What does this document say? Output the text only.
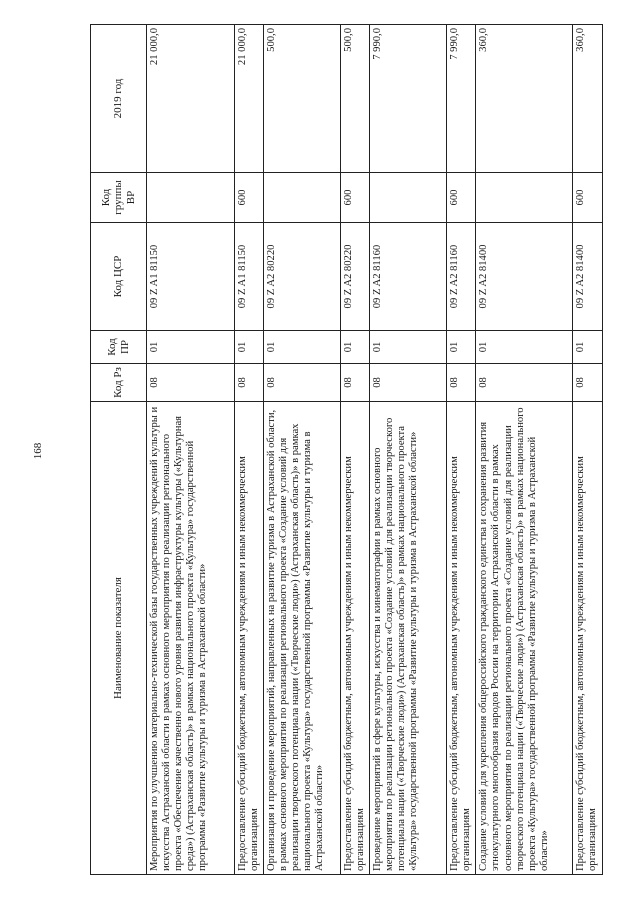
168
Наименование показателя	Код Рз	Код ПР	Код ЦСР	Код группы ВР	2019 год
Мероприятия по улучшению материально-технической базы государственных учреждений культуры и искусства Астраханской области в рамках основного мероприятия по реализации регионального проекта «Обеспечение качественно нового уровня развития инфраструктуры культуры («Культурная среда») (Астраханская область)» в рамках национального проекта «Культура» государственной программы «Развитие культуры и туризма в Астраханской области»	08	01	09 Z A1 81150		21 000,0
Предоставление субсидий бюджетным, автономным учреждениям и иным некоммерческим организациям	08	01	09 Z A1 81150	600	21 000,0
Организация и проведение мероприятий, направленных на развитие туризма в Астраханской области, в рамках основного мероприятия по реализации регионального проекта «Создание условий для реализации творческого потенциала нации («Творческие люди») (Астраханская область)» в рамках национального проекта «Культура» государственной программы «Развитие культуры и туризма в Астраханской области»	08	01	09 Z A2 80220		500,0
Предоставление субсидий бюджетным, автономным учреждениям и иным некоммерческим организациям	08	01	09 Z A2 80220	600	500,0
Проведение мероприятий в сфере культуры, искусства и кинематографии в рамках основного мероприятия по реализации регионального проекта «Создание условий для реализации творческого потенциала нации («Творческие люди») (Астраханская область)» в рамках национального проекта «Культура» государственной программы «Развитие культуры и туризма в Астраханской области»	08	01	09 Z A2 81160		7 990,0
Предоставление субсидий бюджетным, автономным учреждениям и иным некоммерческим организациям	08	01	09 Z A2 81160	600	7 990,0
Создание условий для укрепления общероссийского гражданского единства и сохранения развития этнокультурного многообразия народов России на территории Астраханской области в рамках основного мероприятия по реализации регионального проекта «Создание условий для реализации творческого потенциала нации («Творческие люди») (Астраханская область)» в рамках национального проекта «Культура» государственной программы «Развитие культуры и туризма в Астраханской области»	08	01	09 Z A2 81400		360,0
Предоставление субсидий бюджетным, автономным учреждениям и иным некоммерческим организациям	08	01	09 Z A2 81400	600	360,0
